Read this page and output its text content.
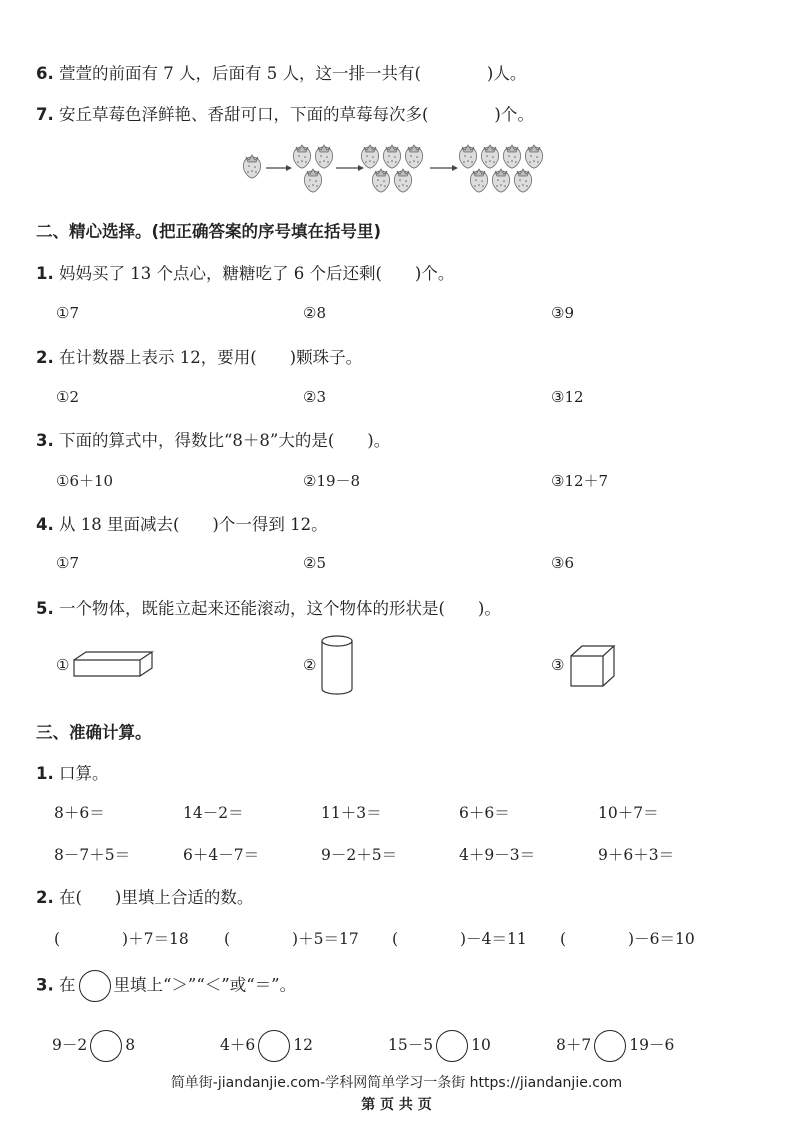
6. 萱萱的前面有 7 人，后面有 5 人，这一排一共有(　　　　)人。
7. 安丘草莓色泽鲜艳、香甜可口，下面的草莓每次多(　　　　)个。
二、精心选择。(把正确答案的序号填在括号里)
1. 妈妈买了 13 个点心，糖糖吃了 6 个后还剩(　　)个。
①7	②8	③9
2. 在计数器上表示 12，要用(　　)颗珠子。
①2	②3	③12
3. 下面的算式中，得数比“8＋8”大的是(　　)。
①6＋10	②19－8	③12＋7
4. 从 18 里面减去(　　)个一得到 12。
①7	②5	③6
5. 一个物体，既能立起来还能滚动，这个物体的形状是(　　)。
①	②	③
三、准确计算。
1. 口算。
8＋6＝	14－2＝	11＋3＝	6＋6＝	10＋7＝
8－7＋5＝	6＋4－7＝	9－2＋5＝	4＋9－3＝	9＋6＋3＝
2. 在(　　)里填上合适的数。
(　　　　)＋7＝18 (　　　　)＋5＝17 (　　　　)－4＝11 (　　　　)－6＝10
3. 在 里填上“＞”“＜”或“＝”。
9－2 8	4＋6 12	15－5 10	8＋7 19－6
简单街-jiandanjie.com-学科网简单学习一条街 https://jiandanjie.com
第 页 共 页
